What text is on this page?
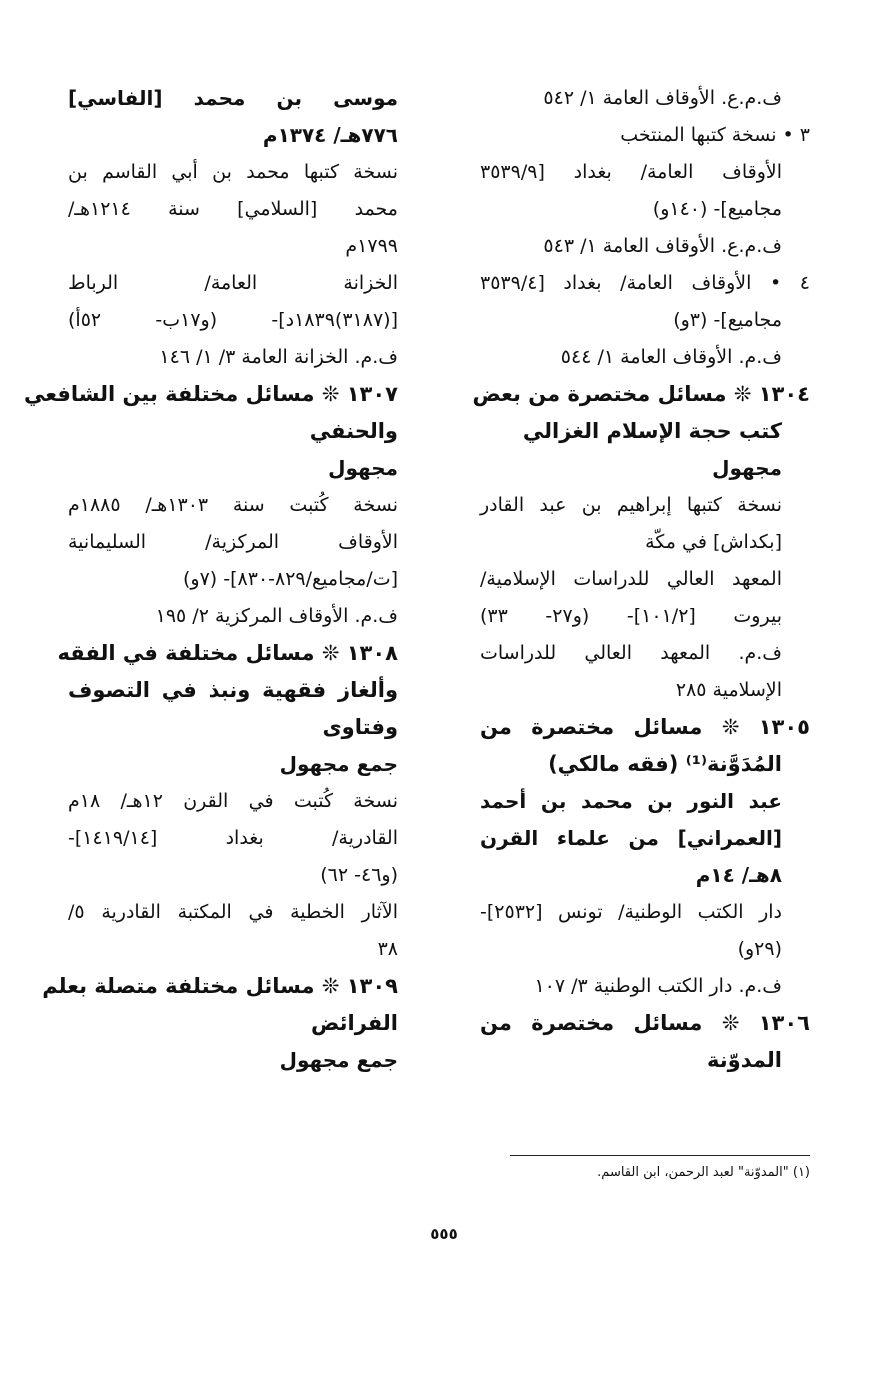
ف.م.ع. الأوقاف العامة ١/ ٥٤٢
٣ • نسخة كتبها المنتخب
الأوقاف العامة/ بغداد [٣٥٣٩/٩
مجاميع]- (١٤٠و)
ف.م.ع. الأوقاف العامة ١/ ٥٤٣
٤ • الأوقاف العامة/ بغداد [٣٥٣٩/٤
مجاميع]- (٣و)
ف.م. الأوقاف العامة ١/ ٥٤٤
١٣٠٤ ❊ مسائل مختصرة من بعض
كتب حجة الإسلام الغزالي
مجهول
نسخة كتبها إبراهيم بن عبد القادر
[بكداش] في مكّة
المعهد العالي للدراسات الإسلامية/
بيروت [١٠١/٢]- (و٢٧- ٣٣)
ف.م. المعهد العالي للدراسات
الإسلامية ٢٨٥
١٣٠٥ ❊ مسائل مختصرة من
المُدَوَّنة⁽¹⁾ (فقه مالكي)
عبد النور بن محمد بن أحمد
[العمراني] من علماء القرن
٨هـ/ ١٤م
دار الكتب الوطنية/ تونس [٢٥٣٢]-
(٢٩و)
ف.م. دار الكتب الوطنية ٣/ ١٠٧
١٣٠٦ ❊ مسائل مختصرة من
المدوّنة
موسى بن محمد [الفاسي]
٧٧٦هـ/ ١٣٧٤م
نسخة كتبها محمد بن أبي القاسم بن
محمد [السلامي] سنة ١٢١٤هـ/
١٧٩٩م
الخزانة العامة/ الرباط
[(٣١٨٧)١٨٣٩د]- (و١٧ب- ٥٢أ)
ف.م. الخزانة العامة ٣/ ١/ ١٤٦
١٣٠٧ ❊ مسائل مختلفة بين الشافعي
والحنفي
مجهول
نسخة كُتبت سنة ١٣٠٣هـ/ ١٨٨٥م
الأوقاف المركزية/ السليمانية
[ت/مجاميع/٨٢٩-٨٣٠]- (٧و)
ف.م. الأوقاف المركزية ٢/ ١٩٥
١٣٠٨ ❊ مسائل مختلفة في الفقه
وألغاز فقهية ونبذ في التصوف
وفتاوى
جمع مجهول
نسخة كُتبت في القرن ١٢هـ/ ١٨م
القادرية/ بغداد [١٤١٩/١٤]-
(و٤٦- ٦٢)
الآثار الخطية في المكتبة القادرية ٥/
٣٨
١٣٠٩ ❊ مسائل مختلفة متصلة بعلم
الفرائض
جمع مجهول
(١) "المدوّنة" لعبد الرحمن، ابن القاسم.
٥٥٥
